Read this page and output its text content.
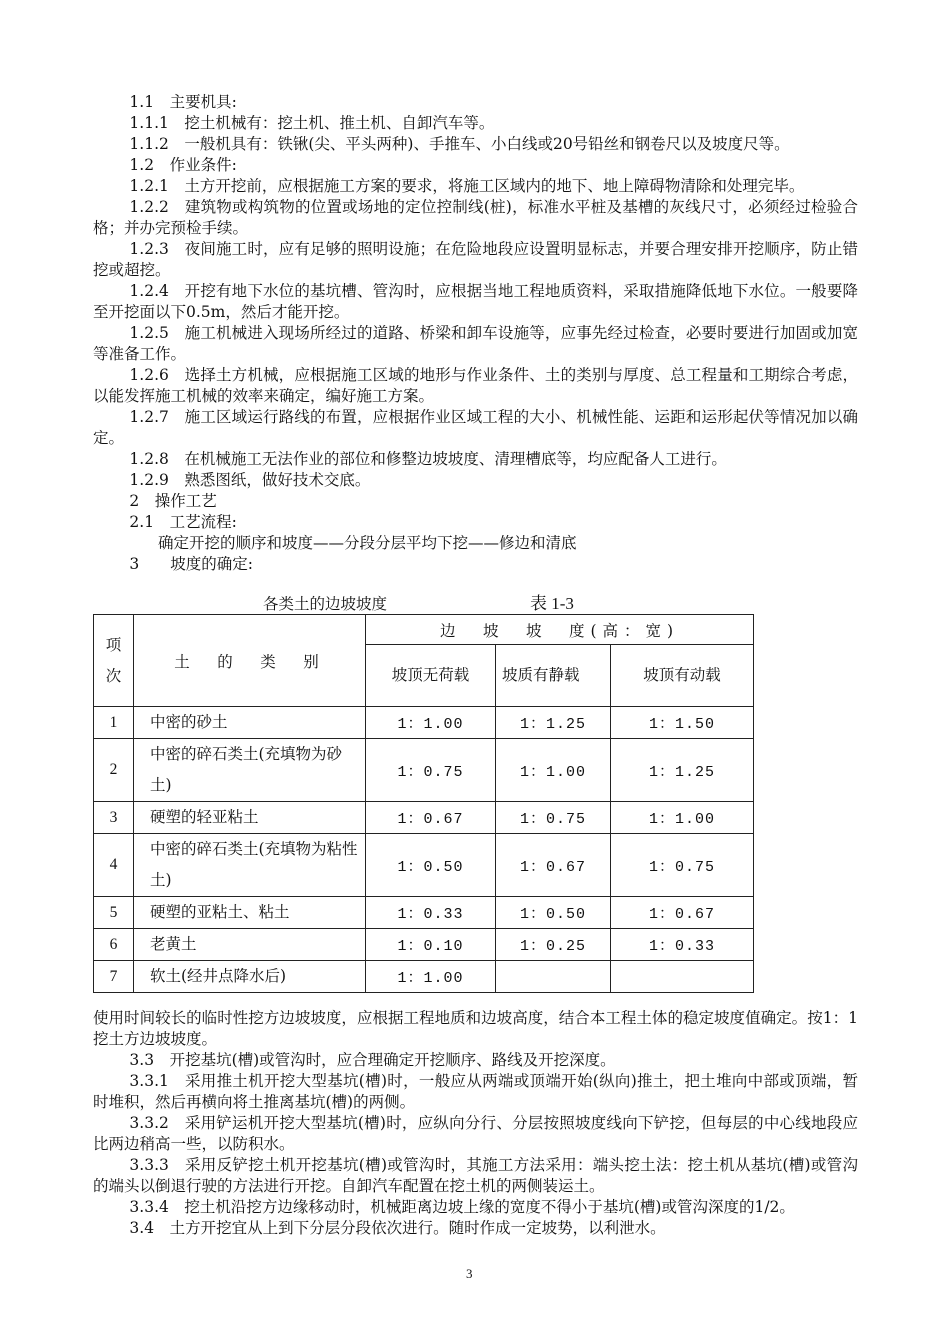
1.1　主要机具:

1.1.1　挖土机械有：挖土机、推土机、自卸汽车等。

1.1.2　一般机具有：铁锹(尖、平头两种)、手推车、小白线或20号铅丝和钢卷尺以及坡度尺等。

1.2　作业条件:

1.2.1　土方开挖前，应根据施工方案的要求，将施工区域内的地下、地上障碍物清除和处理完毕。

1.2.2　建筑物或构筑物的位置或场地的定位控制线(桩)，标准水平桩及基槽的灰线尺寸，必须经过检验合格；并办完预检手续。

1.2.3　夜间施工时，应有足够的照明设施；在危险地段应设置明显标志，并要合理安排开挖顺序，防止错挖或超挖。

1.2.4　开挖有地下水位的基坑槽、管沟时，应根据当地工程地质资料，采取措施降低地下水位。一般要降至开挖面以下0.5m，然后才能开挖。

1.2.5　施工机械进入现场所经过的道路、桥梁和卸车设施等，应事先经过检查，必要时要进行加固或加宽等准备工作。

1.2.6　选择土方机械，应根据施工区域的地形与作业条件、土的类别与厚度、总工程量和工期综合考虑，以能发挥施工机械的效率来确定，编好施工方案。

1.2.7　施工区域运行路线的布置，应根据作业区域工程的大小、机械性能、运距和运形起伏等情况加以确定。

1.2.8　在机械施工无法作业的部位和修整边坡坡度、清理槽底等，均应配备人工进行。

1.2.9　熟悉图纸，做好技术交底。

2　操作工艺

2.1　工艺流程:

确定开挖的顺序和坡度——分段分层平均下挖——修边和清底

3　　坡度的确定:

各类土的边坡坡度	表 1-3
项次	土　的　类　别	边　坡　坡　度(高：宽)		
		坡顶无荷载	坡质有静载	坡顶有动载
1	中密的砂土	1：1.00	1：1.25	1：1.50
2	中密的碎石类土(充填物为砂土)	1：0.75	1：1.00	1：1.25
3	硬塑的轻亚粘土	1：0.67	1：0.75	1：1.00
4	中密的碎石类土(充填物为粘性土)	1：0.50	1：0.67	1：0.75
5	硬塑的亚粘土、粘土	1：0.33	1：0.50	1：0.67
6	老黄土	1：0.10	1：0.25	1：0.33
7	软土(经井点降水后)	1：1.00		

使用时间较长的临时性挖方边坡坡度，应根据工程地质和边坡高度，结合本工程土体的稳定坡度值确定。按1：1挖土方边坡坡度。

3.3　开挖基坑(槽)或管沟时，应合理确定开挖顺序、路线及开挖深度。

3.3.1　采用推土机开挖大型基坑(槽)时，一般应从两端或顶端开始(纵向)推土，把土堆向中部或顶端，暂时堆积，然后再横向将土推离基坑(槽)的两侧。

3.3.2　采用铲运机开挖大型基坑(槽)时，应纵向分行、分层按照坡度线向下铲挖，但每层的中心线地段应比两边稍高一些，以防积水。

3.3.3　采用反铲挖土机开挖基坑(槽)或管沟时，其施工方法采用：端头挖土法：挖土机从基坑(槽)或管沟的端头以倒退行驶的方法进行开挖。自卸汽车配置在挖土机的两侧装运土。

3.3.4　挖土机沿挖方边缘移动时，机械距离边坡上缘的宽度不得小于基坑(槽)或管沟深度的1/2。

3.4　土方开挖宜从上到下分层分段依次进行。随时作成一定坡势，以利泄水。

3
